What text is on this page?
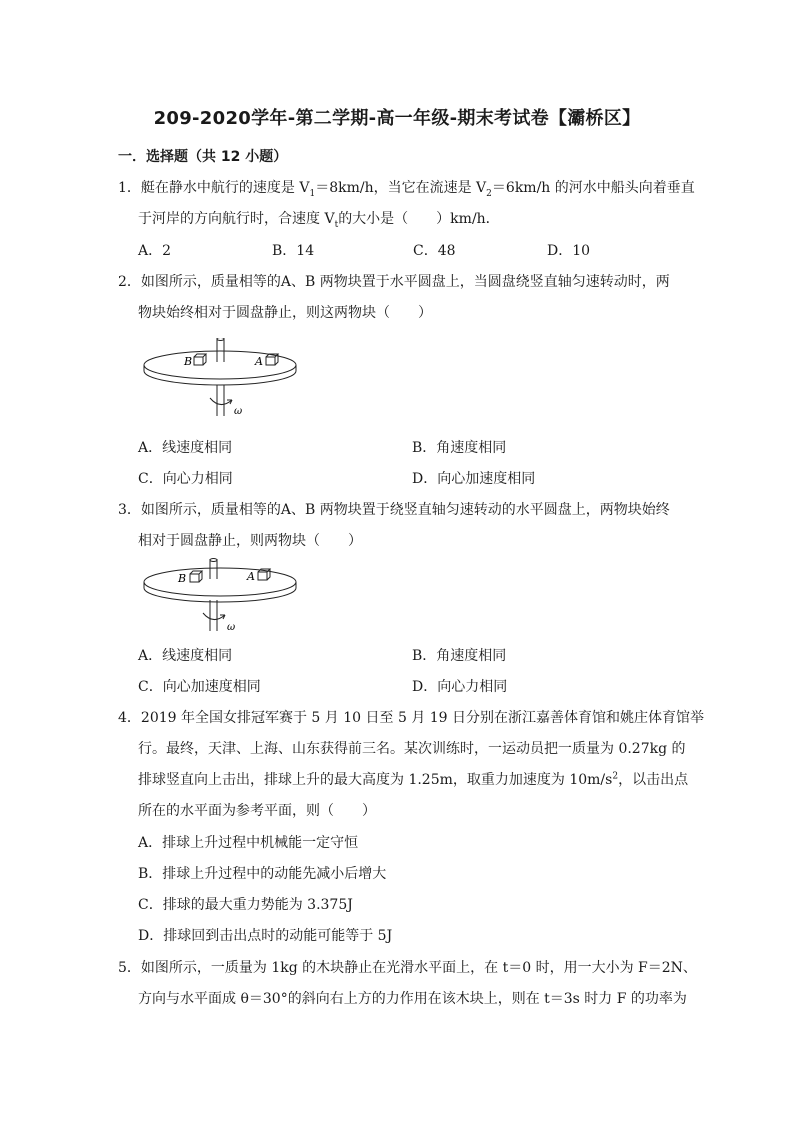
209-2020学年-第二学期-高一年级-期末考试卷【灞桥区】
一．选择题（共 12 小题）
1．艇在静水中航行的速度是 $V_1=8km/h$，当它在流速是 $V_2=6km/h$ 的河水中船头向着垂直
于河岸的方向航行时，合速度 $V_t$的大小是（　　）km/h．
A．2	B．14	C．48	D．10
2．如图所示，质量相等的A、B 两物块置于水平圆盘上，当圆盘绕竖直轴匀速转动时，两
物块始终相对于圆盘静止，则这两物块（　　）
B	A
ω
A．线速度相同	B．角速度相同
C．向心力相同	D．向心加速度相同
3．如图所示，质量相等的A、B 两物块置于绕竖直轴匀速转动的水平圆盘上，两物块始终
相对于圆盘静止，则两物块（　　）
B	A
ω
A．线速度相同	B．角速度相同
C．向心加速度相同	D．向心力相同
4．2019 年全国女排冠军赛于 5 月 10 日至 5 月 19 日分别在浙江嘉善体育馆和姚庄体育馆举
行。最终，天津、上海、山东获得前三名。某次训练时，一运动员把一质量为 0.27kg 的
排球竖直向上击出，排球上升的最大高度为 1.25m，取重力加速度为 $10m/s^2$，以击出点
所在的水平面为参考平面，则（　　）
A．排球上升过程中机械能一定守恒
B．排球上升过程中的动能先减小后增大
C．排球的最大重力势能为 3.375J
D．排球回到击出点时的动能可能等于 5J
5．如图所示，一质量为 1kg 的木块静止在光滑水平面上，在 t＝0 时，用一大小为 F＝2N、
方向与水平面成 θ＝30°的斜向右上方的力作用在该木块上，则在 t＝3s 时力 F 的功率为
